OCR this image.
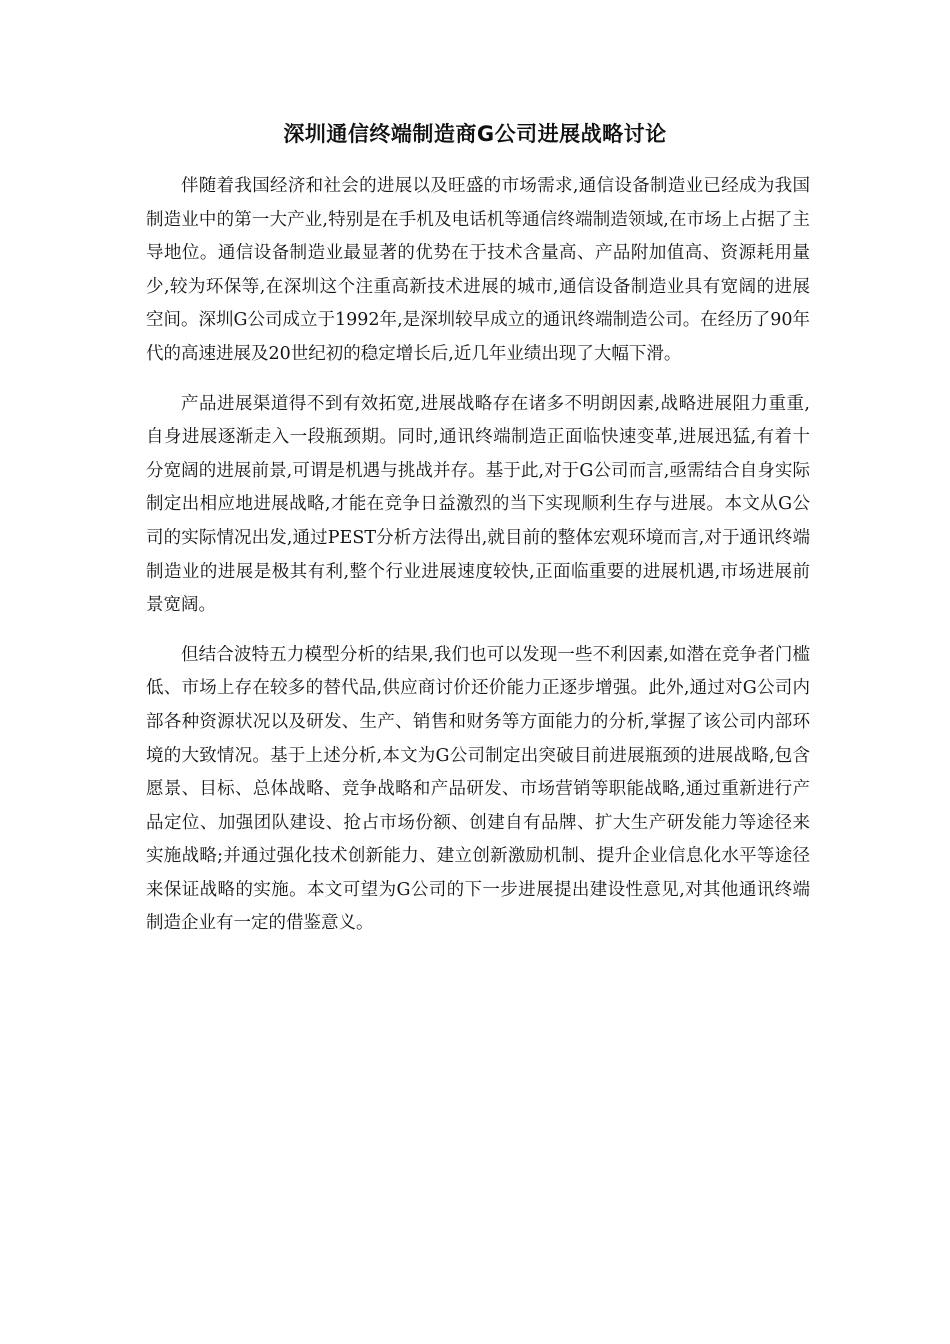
深圳通信终端制造商G公司进展战略讨论

伴随着我国经济和社会的进展以及旺盛的市场需求,通信设备制造业已经成为我国制造业中的第一大产业,特别是在手机及电话机等通信终端制造领域,在市场上占据了主导地位。通信设备制造业最显著的优势在于技术含量高、产品附加值高、资源耗用量少,较为环保等,在深圳这个注重高新技术进展的城市,通信设备制造业具有宽阔的进展空间。深圳G公司成立于1992年,是深圳较早成立的通讯终端制造公司。在经历了90年代的高速进展及20世纪初的稳定增长后,近几年业绩出现了大幅下滑。

产品进展渠道得不到有效拓宽,进展战略存在诸多不明朗因素,战略进展阻力重重,自身进展逐渐走入一段瓶颈期。同时,通讯终端制造正面临快速变革,进展迅猛,有着十分宽阔的进展前景,可谓是机遇与挑战并存。基于此,对于G公司而言,亟需结合自身实际制定出相应地进展战略,才能在竞争日益激烈的当下实现顺利生存与进展。本文从G公司的实际情况出发,通过PEST分析方法得出,就目前的整体宏观环境而言,对于通讯终端制造业的进展是极其有利,整个行业进展速度较快,正面临重要的进展机遇,市场进展前景宽阔。

但结合波特五力模型分析的结果,我们也可以发现一些不利因素,如潜在竞争者门槛低、市场上存在较多的替代品,供应商讨价还价能力正逐步增强。此外,通过对G公司内部各种资源状况以及研发、生产、销售和财务等方面能力的分析,掌握了该公司内部环境的大致情况。基于上述分析,本文为G公司制定出突破目前进展瓶颈的进展战略,包含愿景、目标、总体战略、竞争战略和产品研发、市场营销等职能战略,通过重新进行产品定位、加强团队建设、抢占市场份额、创建自有品牌、扩大生产研发能力等途径来实施战略;并通过强化技术创新能力、建立创新激励机制、提升企业信息化水平等途径来保证战略的实施。本文可望为G公司的下一步进展提出建设性意见,对其他通讯终端制造企业有一定的借鉴意义。
